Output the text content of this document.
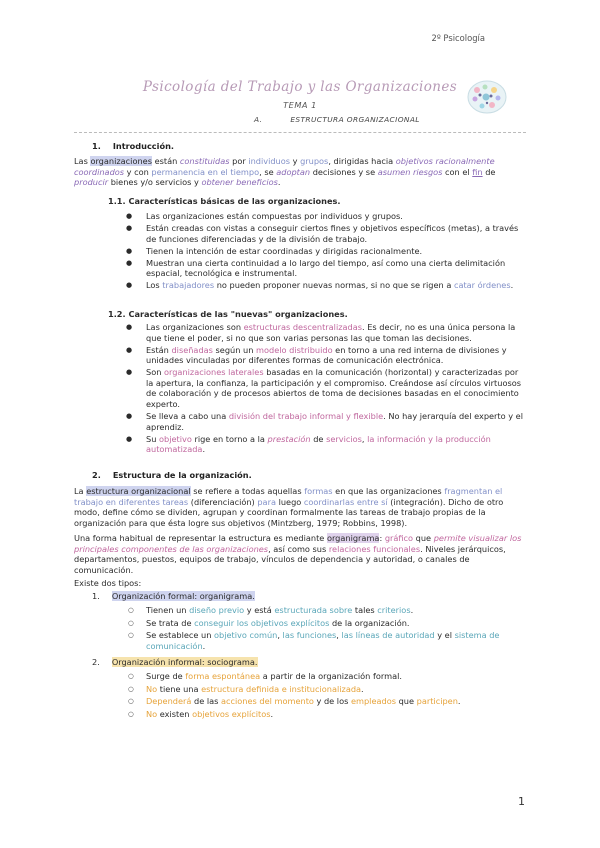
2º Psicología
Psicología del Trabajo y las Organizaciones
TEMA 1
A.	ESTRUCTURA ORGANIZACIONAL
1. Introducción.
Las organizaciones están constituidas por individuos y grupos, dirigidas hacia objetivos racionalmente coordinados y con permanencia en el tiempo, se adoptan decisiones y se asumen riesgos con el fin de producir bienes y/o servicios y obtener beneficios.
1.1. Características básicas de las organizaciones.
● Las organizaciones están compuestas por individuos y grupos.
● Están creadas con vistas a conseguir ciertos fines y objetivos específicos (metas), a través de funciones diferenciadas y de la división de trabajo.
● Tienen la intención de estar coordinadas y dirigidas racionalmente.
● Muestran una cierta continuidad a lo largo del tiempo, así como una cierta delimitación espacial, tecnológica e instrumental.
● Los trabajadores no pueden proponer nuevas normas, si no que se rigen a catar órdenes.
1.2. Características de las "nuevas" organizaciones.
● Las organizaciones son estructuras descentralizadas. Es decir, no es una única persona la que tiene el poder, si no que son varias personas las que toman las decisiones.
● Están diseñadas según un modelo distribuido en torno a una red interna de divisiones y unidades vinculadas por diferentes formas de comunicación electrónica.
● Son organizaciones laterales basadas en la comunicación (horizontal) y caracterizadas por la apertura, la confianza, la participación y el compromiso. Creándose así círculos virtuosos de colaboración y de procesos abiertos de toma de decisiones basadas en el conocimiento experto.
● Se lleva a cabo una división del trabajo informal y flexible. No hay jerarquía del experto y el aprendiz.
● Su objetivo rige en torno a la prestación de servicios, la información y la producción automatizada.
2. Estructura de la organización.
La estructura organizacional se refiere a todas aquellas formas en que las organizaciones fragmentan el trabajo en diferentes tareas (diferenciación) para luego coordinarlas entre sí (integración). Dicho de otro modo, define cómo se dividen, agrupan y coordinan formalmente las tareas de trabajo propias de la organización para que ésta logre sus objetivos (Mintzberg, 1979; Robbins, 1998).
Una forma habitual de representar la estructura es mediante organigrama: gráfico que permite visualizar los principales componentes de las organizaciones, así como sus relaciones funcionales. Niveles jerárquicos, departamentos, puestos, equipos de trabajo, vínculos de dependencia y autoridad, o canales de comunicación.
Existe dos tipos:
1. Organización formal: organigrama.
○ Tienen un diseño previo y está estructurada sobre tales criterios.
○ Se trata de conseguir los objetivos explícitos de la organización.
○ Se establece un objetivo común, las funciones, las líneas de autoridad y el sistema de comunicación.
2. Organización informal: sociograma.
○ Surge de forma espontánea a partir de la organización formal.
○ No tiene una estructura definida e institucionalizada.
○ Dependerá de las acciones del momento y de los empleados que participen.
○ No existen objetivos explícitos.
1
